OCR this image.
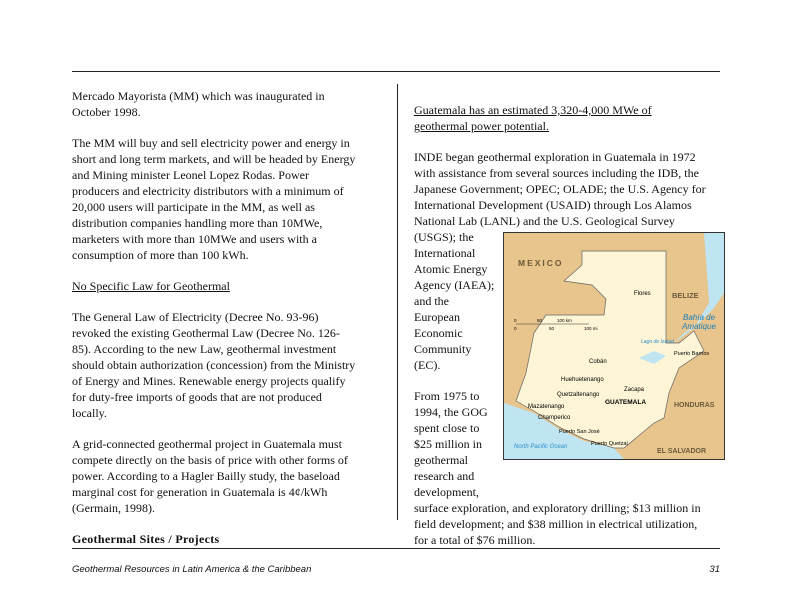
Mercado Mayorista (MM) which was inaugurated in
October 1998.
The MM will buy and sell electricity power and energy in
short and long term markets, and will be headed by Energy
and Mining minister Leonel Lopez Rodas. Power
producers and electricity distributors with a minimum of
20,000 users will participate in the MM, as well as
distribution companies handling more than 10MWe,
marketers with more than 10MWe and users with a
consumption of more than 100 kWh.
No Specific Law for Geothermal
The General Law of Electricity (Decree No. 93-96)
revoked the existing Geothermal Law (Decree No. 126-
85). According to the new Law, geothermal investment
should obtain authorization (concession) from the Ministry
of Energy and Mines. Renewable energy projects qualify
for duty-free imports of goods that are not produced
locally.
A grid-connected geothermal project in Guatemala must
compete directly on the basis of price with other forms of
power. According to a Hagler Bailly study, the baseload
marginal cost for generation in Guatemala is 4¢/kWh
(Germain, 1998).
Geothermal Sites / Projects
Guatemala has an estimated 3,320-4,000 MWe of
geothermal power potential.
INDE began geothermal exploration in Guatemala in 1972
with assistance from several sources including the IDB, the
Japanese Government; OPEC; OLADE; the U.S. Agency for
International Development (USAID) through Los Alamos
National Lab (LANL) and the U.S. Geological Survey
(USGS); the
International
Atomic Energy
Agency (IAEA);
and the
European
Economic
Community
(EC).
From 1975 to
1994, the GOG
spent close to
$25 million in
geothermal
research and
development,
surface exploration, and exploratory drilling; $13 million in
field development; and $38 million in electrical utilization,
for a total of $76 million.
MEXICO
BELIZE
HONDURAS
EL SALVADOR
GUATEMALA
Flores
Cobán
Huehuetenango
Quetzaltenango
Zacapa
Mazatenango
Champerico
Puerto San José
Puerto Quetzal
Puerto Barrios
Lago de Izabal
Bahía de Amatique
North Pacific Ocean
0	50	100 km
0	50	100 mi
Geothermal Resources in Latin America & the Caribbean	31
